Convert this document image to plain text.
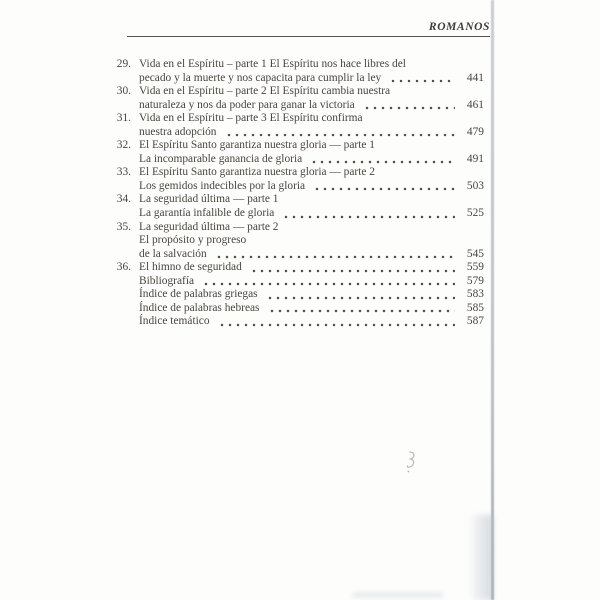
ROMANOS
29. Vida en el Espíritu – parte 1 El Espíritu nos hace libres del
pecado y la muerte y nos capacita para cumplir la ley	441
30. Vida en el Espíritu – parte 2 El Espíritu cambia nuestra
naturaleza y nos da poder para ganar la victoria	461
31. Vida en el Espíritu – parte 3 El Espíritu confirma
nuestra adopción	479
32. El Espíritu Santo garantiza nuestra gloria — parte 1
La incomparable ganancia de gloria	491
33. El Espíritu Santo garantiza nuestra gloria — parte 2
Los gemidos indecibles por la gloria	503
34. La seguridad última — parte 1
La garantía infalible de gloria	525
35. La seguridad última — parte 2
El propósito y progreso
de la salvación	545
36. El himno de seguridad	559
Bibliografía	579
Índice de palabras griegas	583
Índice de palabras hebreas	585
Índice temático	587
